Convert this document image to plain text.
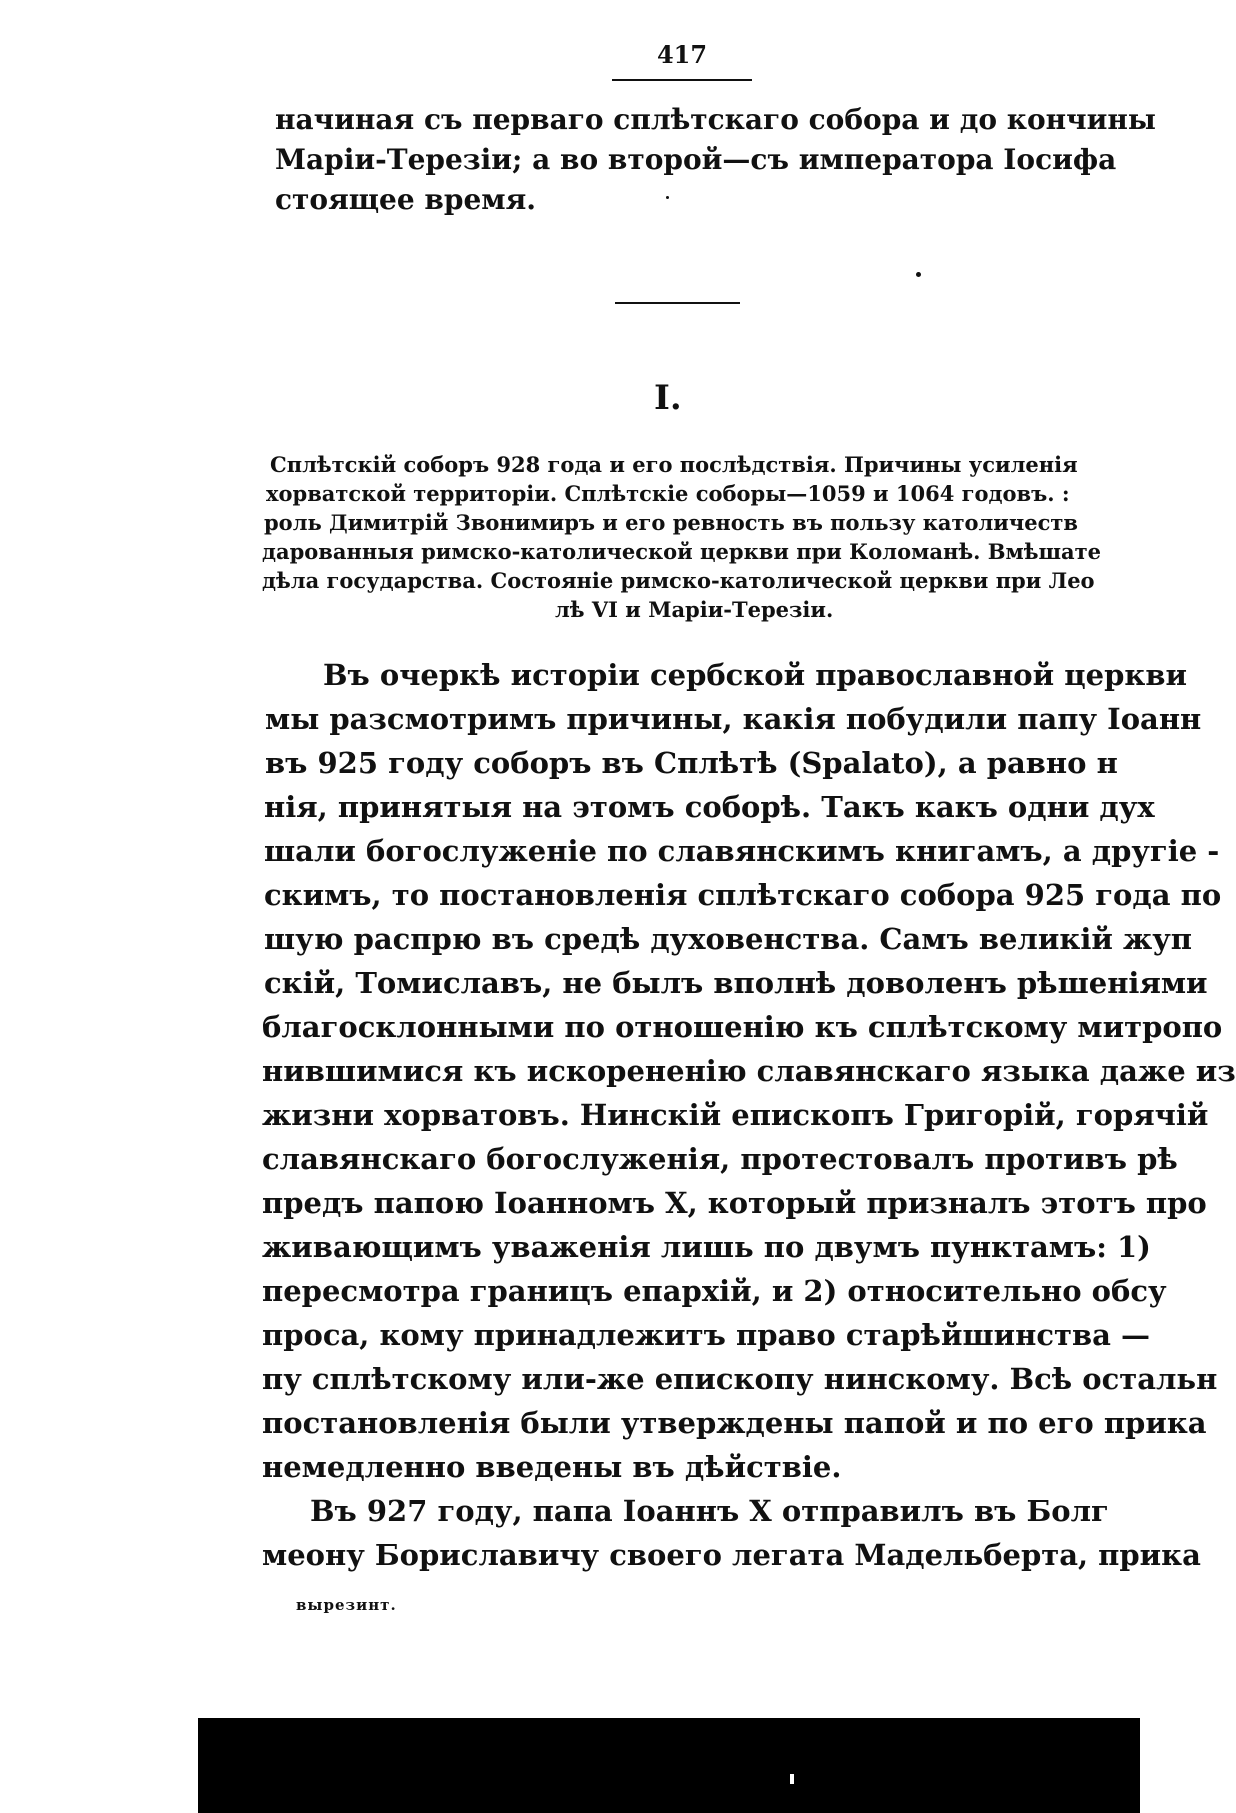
417
начиная съ перваго сплѣтскаго собора и до кончины
Маріи-Терезіи; а во второй—съ императора Іосифа
стоящее время.
I.
Сплѣтскій соборъ 928 года и его послѣдствія. Причины усиленія
хорватской территоріи. Сплѣтскіе соборы—1059 и 1064 годовъ. :
роль Димитрій Звонимиръ и его ревность въ пользу католичеств
дарованныя римско-католической церкви при Коломанѣ. Вмѣшате
дѣла государства. Состояніе римско-католической церкви при Лео
лѣ VI и Маріи-Терезіи.
Въ очеркѣ исторіи сербской православной церкви
мы разсмотримъ причины, какія побудили папу Іоанн
въ 925 году соборъ въ Сплѣтѣ (Spalato), а равно н
нія, принятыя на этомъ соборѣ. Такъ какъ одни дух
шали богослуженіе по славянскимъ книгамъ, а другіе -
скимъ, то постановленія сплѣтскаго собора 925 года по
шую распрю въ средѣ духовенства. Самъ великій жуп
скій, Томиславъ, не былъ вполнѣ доволенъ рѣшеніями
благосклонными по отношенію къ сплѣтскому митропо
нившимися къ искорененію славянскаго языка даже из
жизни хорватовъ. Нинскій епископъ Григорій, горячій
славянскаго богослуженія, протестовалъ противъ рѣ
предъ папою Іоанномъ X, который призналъ этотъ про
живающимъ уваженія лишь по двумъ пунктамъ: 1)
пересмотра границъ епархій, и 2) относительно обсу
проса, кому принадлежитъ право старѣйшинства —
пу сплѣтскому или-же епископу нинскому. Всѣ остальн
постановленія были утверждены папой и по его прика
немедленно введены въ дѣйствіе.
Въ 927 году, папа Іоаннъ X отправилъ въ Болг
меону Бориславичу своего легата Мадельберта, прика
вырезинт.
